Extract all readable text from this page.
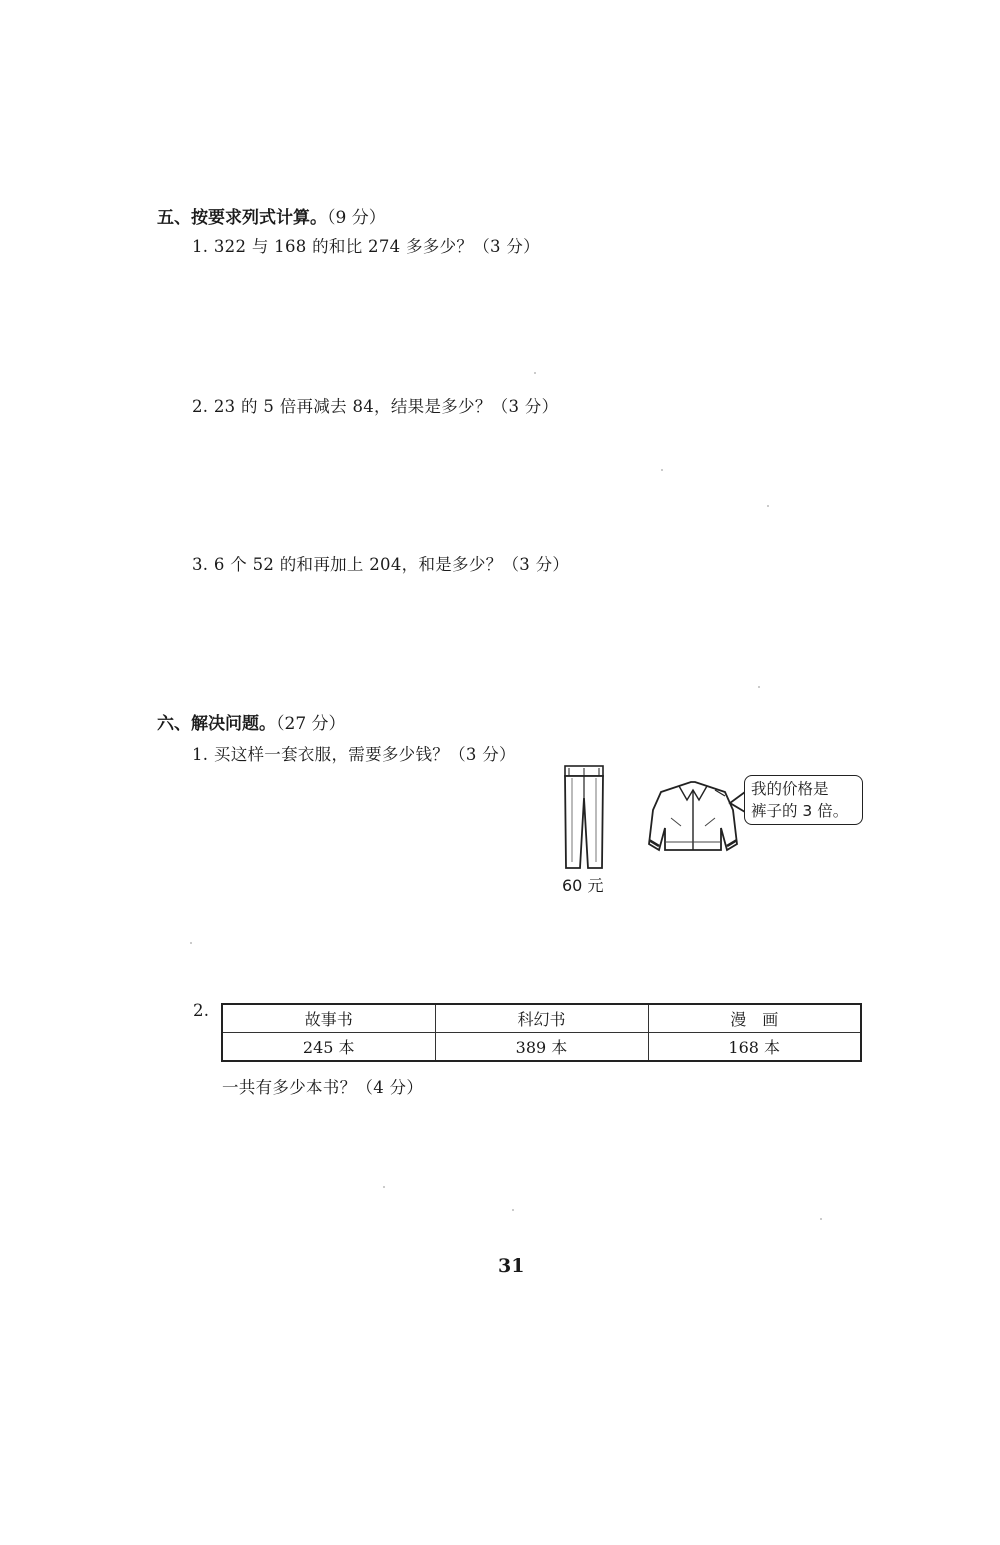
五、按要求列式计算。（9 分）
1. 322 与 168 的和比 274 多多少？（3 分）
2. 23 的 5 倍再减去 84，结果是多少？（3 分）
3. 6 个 52 的和再加上 204，和是多少？（3 分）
六、解决问题。（27 分）
1. 买这样一套衣服，需要多少钱？（3 分）
60 元
我的价格是
裤子的 3 倍。
2.	故事书	科幻书	漫　画
245 本	389 本	168 本
一共有多少本书？（4 分）
31
